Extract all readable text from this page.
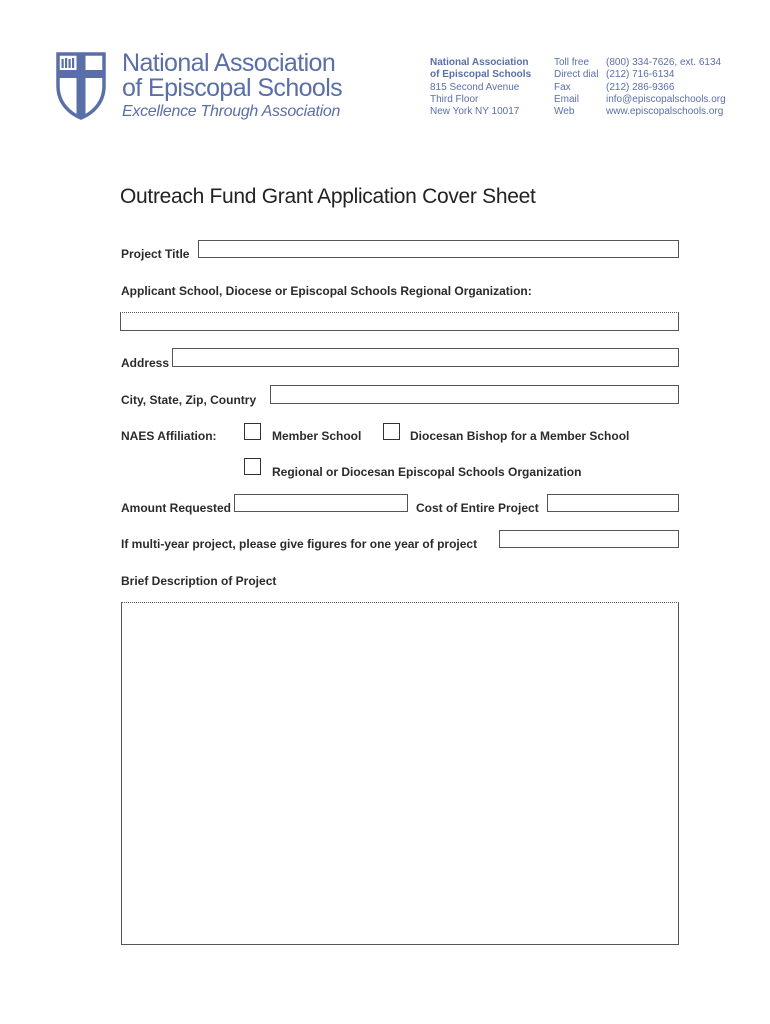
National Association
of Episcopal Schools
Excellence Through Association
National Association
of Episcopal Schools
815 Second Avenue
Third Floor
New York NY 10017
Toll free	(800) 334-7626, ext. 6134
Direct dial (212) 716-6134
Fax	(212) 286-9366
Email	info@episcopalschools.org
Web	www.episcopalschools.org
Outreach Fund Grant Application Cover Sheet
Project Title
Applicant School, Diocese or Episcopal Schools Regional Organization:
Address
City, State, Zip, Country
NAES Affiliation:	Member School	Diocesan Bishop for a Member School
Regional or Diocesan Episcopal Schools Organization
Amount Requested	Cost of Entire Project
If multi-year project, please give figures for one year of project
Brief Description of Project
